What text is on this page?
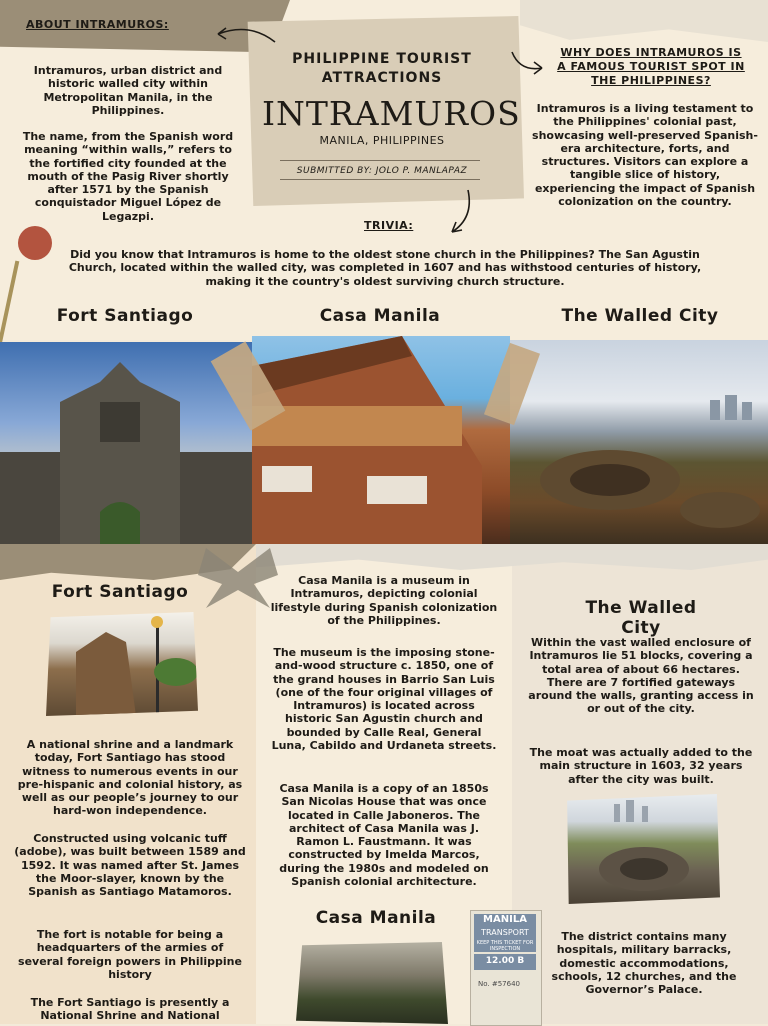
PHILIPPINE TOURIST ATTRACTIONS
INTRAMUROS
MANILA, PHILIPPINES
SUBMITTED BY: JOLO P. MANLAPAZ
ABOUT INTRAMUROS:
Intramuros, urban district and historic walled city within Metropolitan Manila, in the Philippines.
The name, from the Spanish word meaning “within walls,” refers to the fortified city founded at the mouth of the Pasig River shortly after 1571 by the Spanish conquistador Miguel López de Legazpi.
WHY DOES INTRAMUROS IS A FAMOUS TOURIST SPOT IN THE PHILIPPINES?
Intramuros is a living testament to the Philippines' colonial past, showcasing well-preserved Spanish-era architecture, forts, and structures. Visitors can explore a tangible slice of history, experiencing the impact of Spanish colonization on the country.
TRIVIA:
Did you know that Intramuros is home to the oldest stone church in the Philippines? The San Agustin Church, located within the walled city, was completed in 1607 and has withstood centuries of history, making it the country's oldest surviving church structure.
Fort Santiago	Casa Manila	The Walled City
Fort Santiago
A national shrine and a landmark today, Fort Santiago has stood witness to numerous events in our pre-hispanic and colonial history, as well as our people’s journey to our hard-won independence.
Constructed using volcanic tuff (adobe), was built between 1589 and 1592. It was named after St. James the Moor-slayer, known by the Spanish as Santiago Matamoros.
The fort is notable for being a headquarters of the armies of several foreign powers in Philippine history
The Fort Santiago is presently a National Shrine and National
Casa Manila is a museum in Intramuros, depicting colonial lifestyle during Spanish colonization of the Philippines.
The museum is the imposing stone-and-wood structure c. 1850, one of the grand houses in Barrio San Luis (one of the four original villages of Intramuros) is located across historic San Agustin church and bounded by Calle Real, General Luna, Cabildo and Urdaneta streets.
Casa Manila is a copy of an 1850s San Nicolas House that was once located in Calle Jaboneros. The architect of Casa Manila was J. Ramon L. Faustmann. It was constructed by Imelda Marcos, during the 1980s and modeled on Spanish colonial architecture.
Casa Manila	MANILA
TRANSPORT
KEEP THIS TICKET FOR INSPECTION
12.00 B
No. #57640
The Walled City
Within the vast walled enclosure of Intramuros lie 51 blocks, covering a total area of about 66 hectares. There are 7 fortified gateways around the walls, granting access in or out of the city.
The moat was actually added to the main structure in 1603, 32 years after the city was built.
The district contains many hospitals, military barracks, domestic accommodations, schools, 12 churches, and the Governor’s Palace.
